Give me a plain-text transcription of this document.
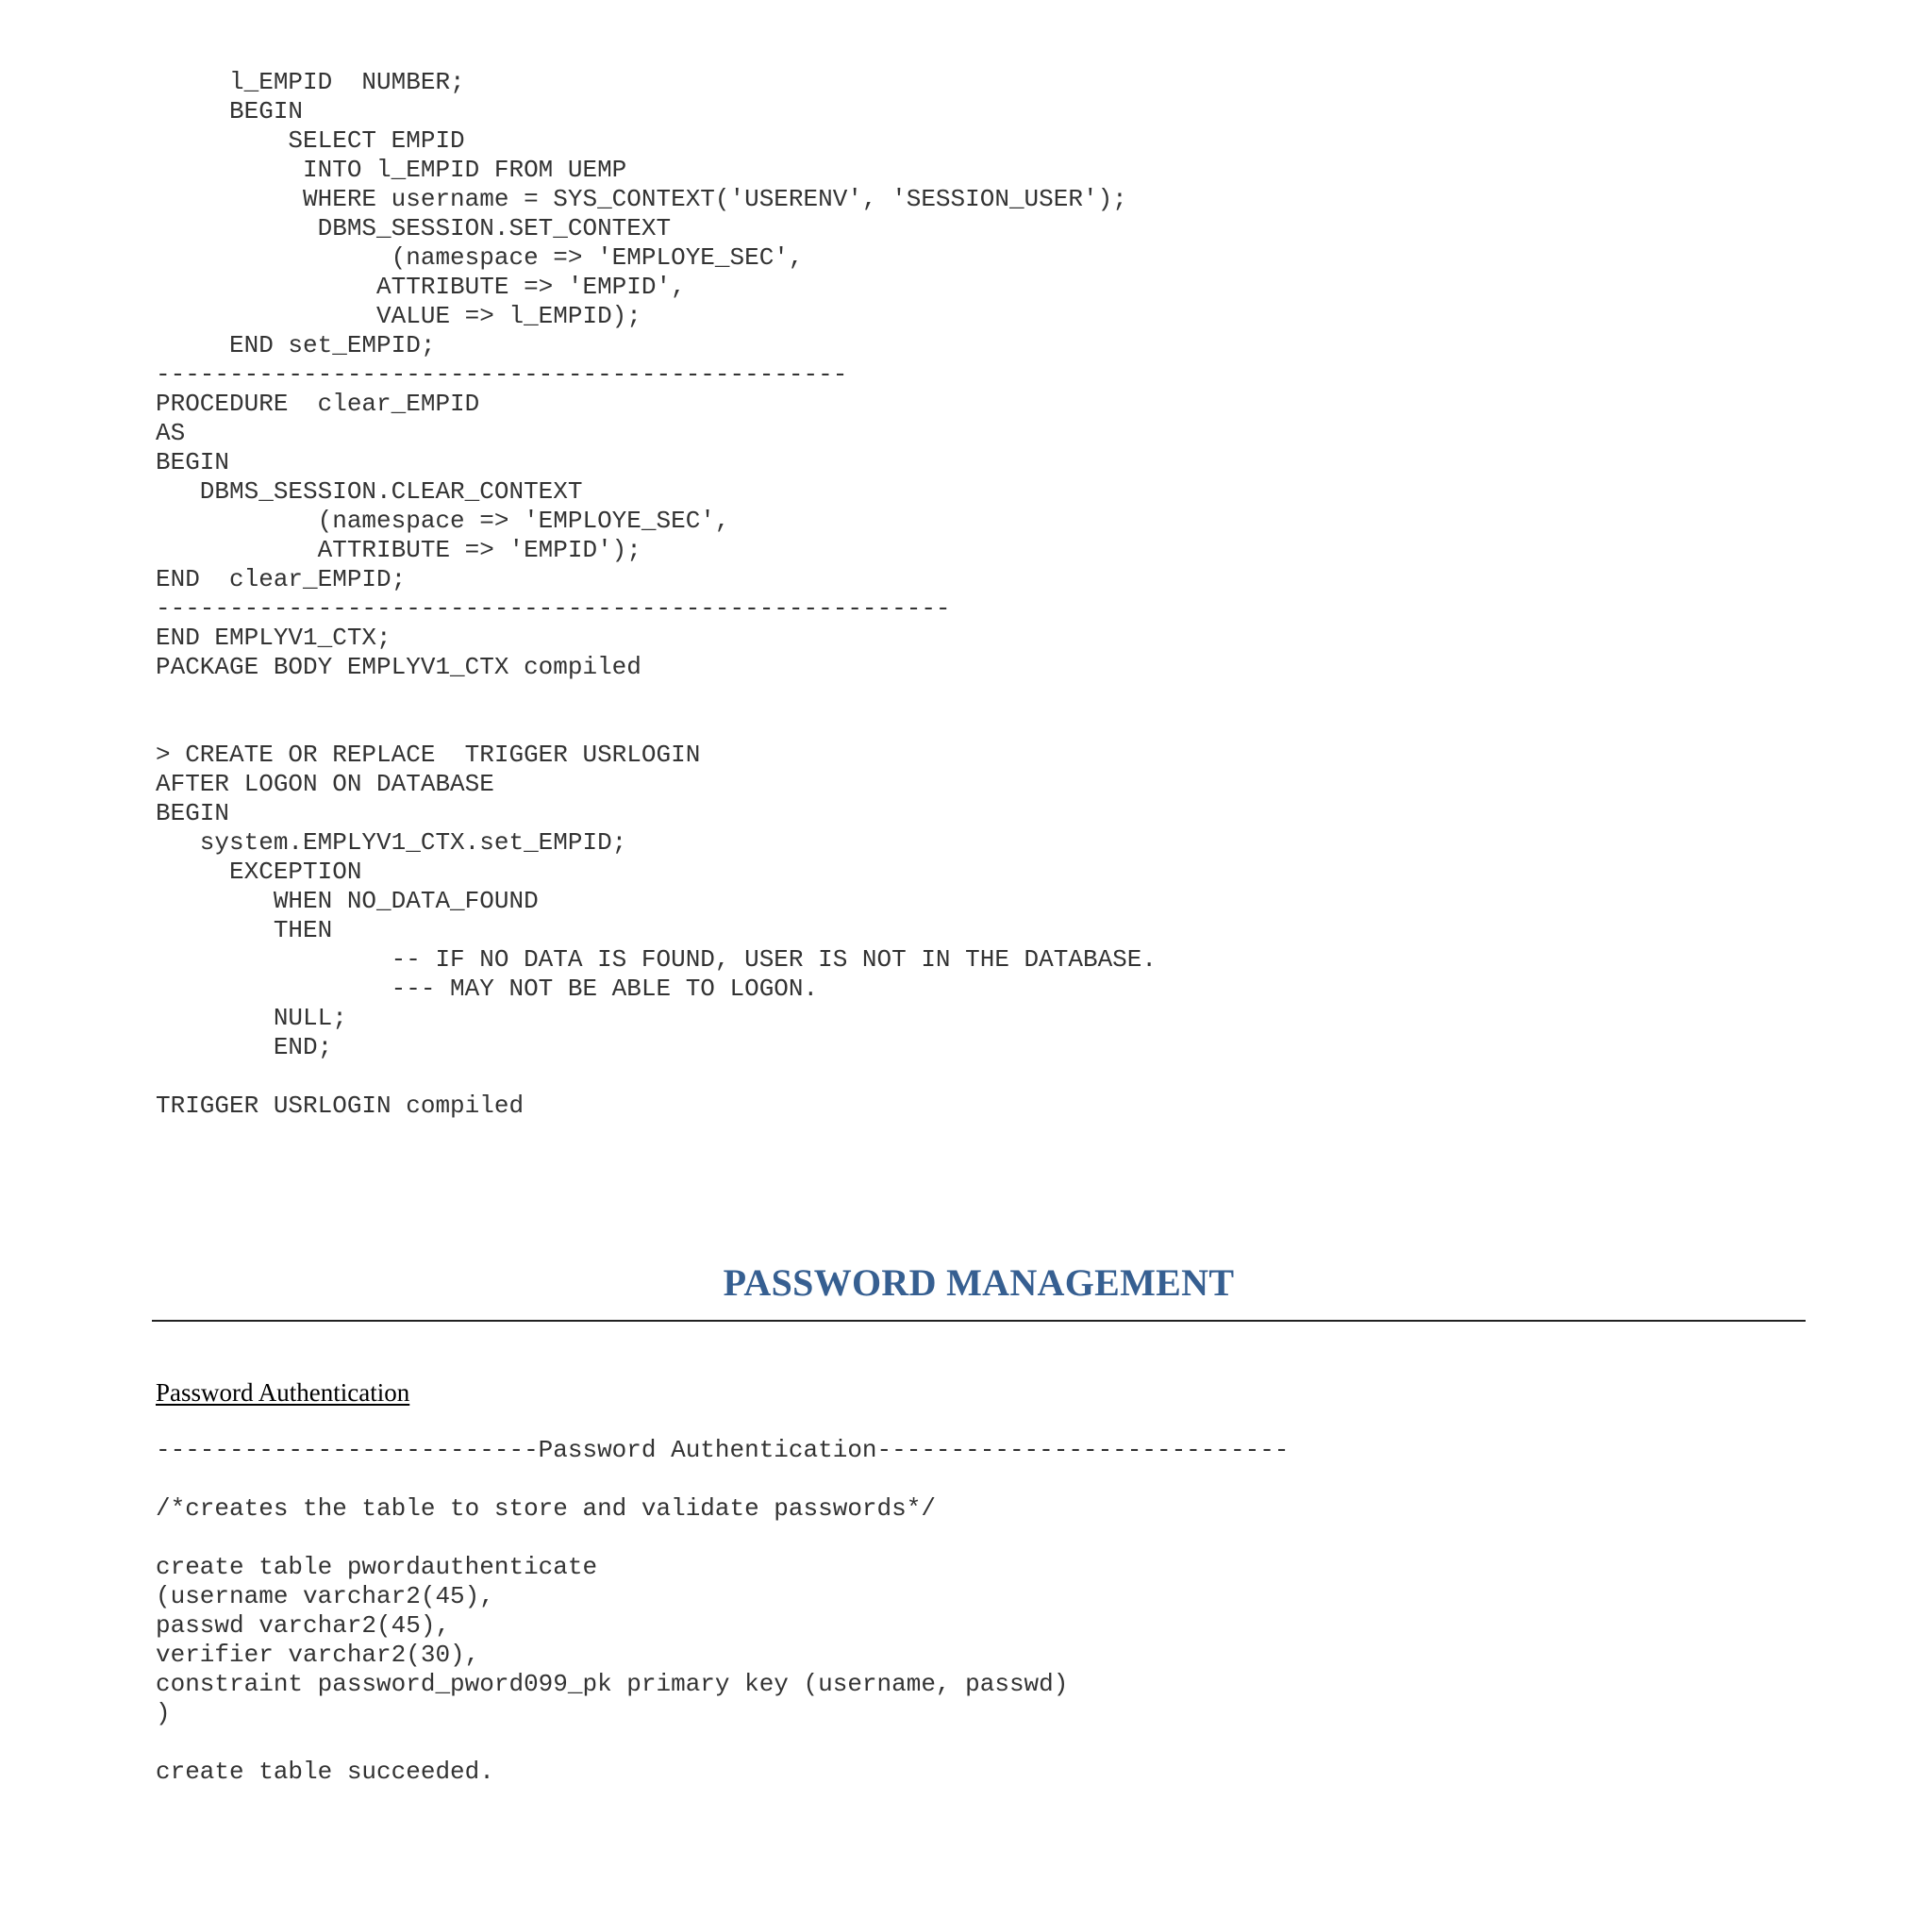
l_EMPID  NUMBER;
BEGIN
SELECT EMPID
INTO l_EMPID FROM UEMP
WHERE username = SYS_CONTEXT('USERENV', 'SESSION_USER');
DBMS_SESSION.SET_CONTEXT
(namespace => 'EMPLOYE_SEC',
ATTRIBUTE => 'EMPID',
VALUE => l_EMPID);
END set_EMPID;
-----------------------------------------------
PROCEDURE  clear_EMPID
AS
BEGIN
DBMS_SESSION.CLEAR_CONTEXT
(namespace => 'EMPLOYE_SEC',
ATTRIBUTE => 'EMPID');
END  clear_EMPID;
------------------------------------------------------
END EMPLYV1_CTX;
PACKAGE BODY EMPLYV1_CTX compiled

> CREATE OR REPLACE  TRIGGER USRLOGIN
AFTER LOGON ON DATABASE
BEGIN
system.EMPLYV1_CTX.set_EMPID;
EXCEPTION
WHEN NO_DATA_FOUND
THEN
-- IF NO DATA IS FOUND, USER IS NOT IN THE DATABASE.
--- MAY NOT BE ABLE TO LOGON.
NULL;
END;

TRIGGER USRLOGIN compiled
PASSWORD MANAGEMENT
Password Authentication
--------------------------Password Authentication----------------------------

/*creates the table to store and validate passwords*/

create table pwordauthenticate
(username varchar2(45),
passwd varchar2(45),
verifier varchar2(30),
constraint password_pword099_pk primary key (username, passwd)
)

create table succeeded.
